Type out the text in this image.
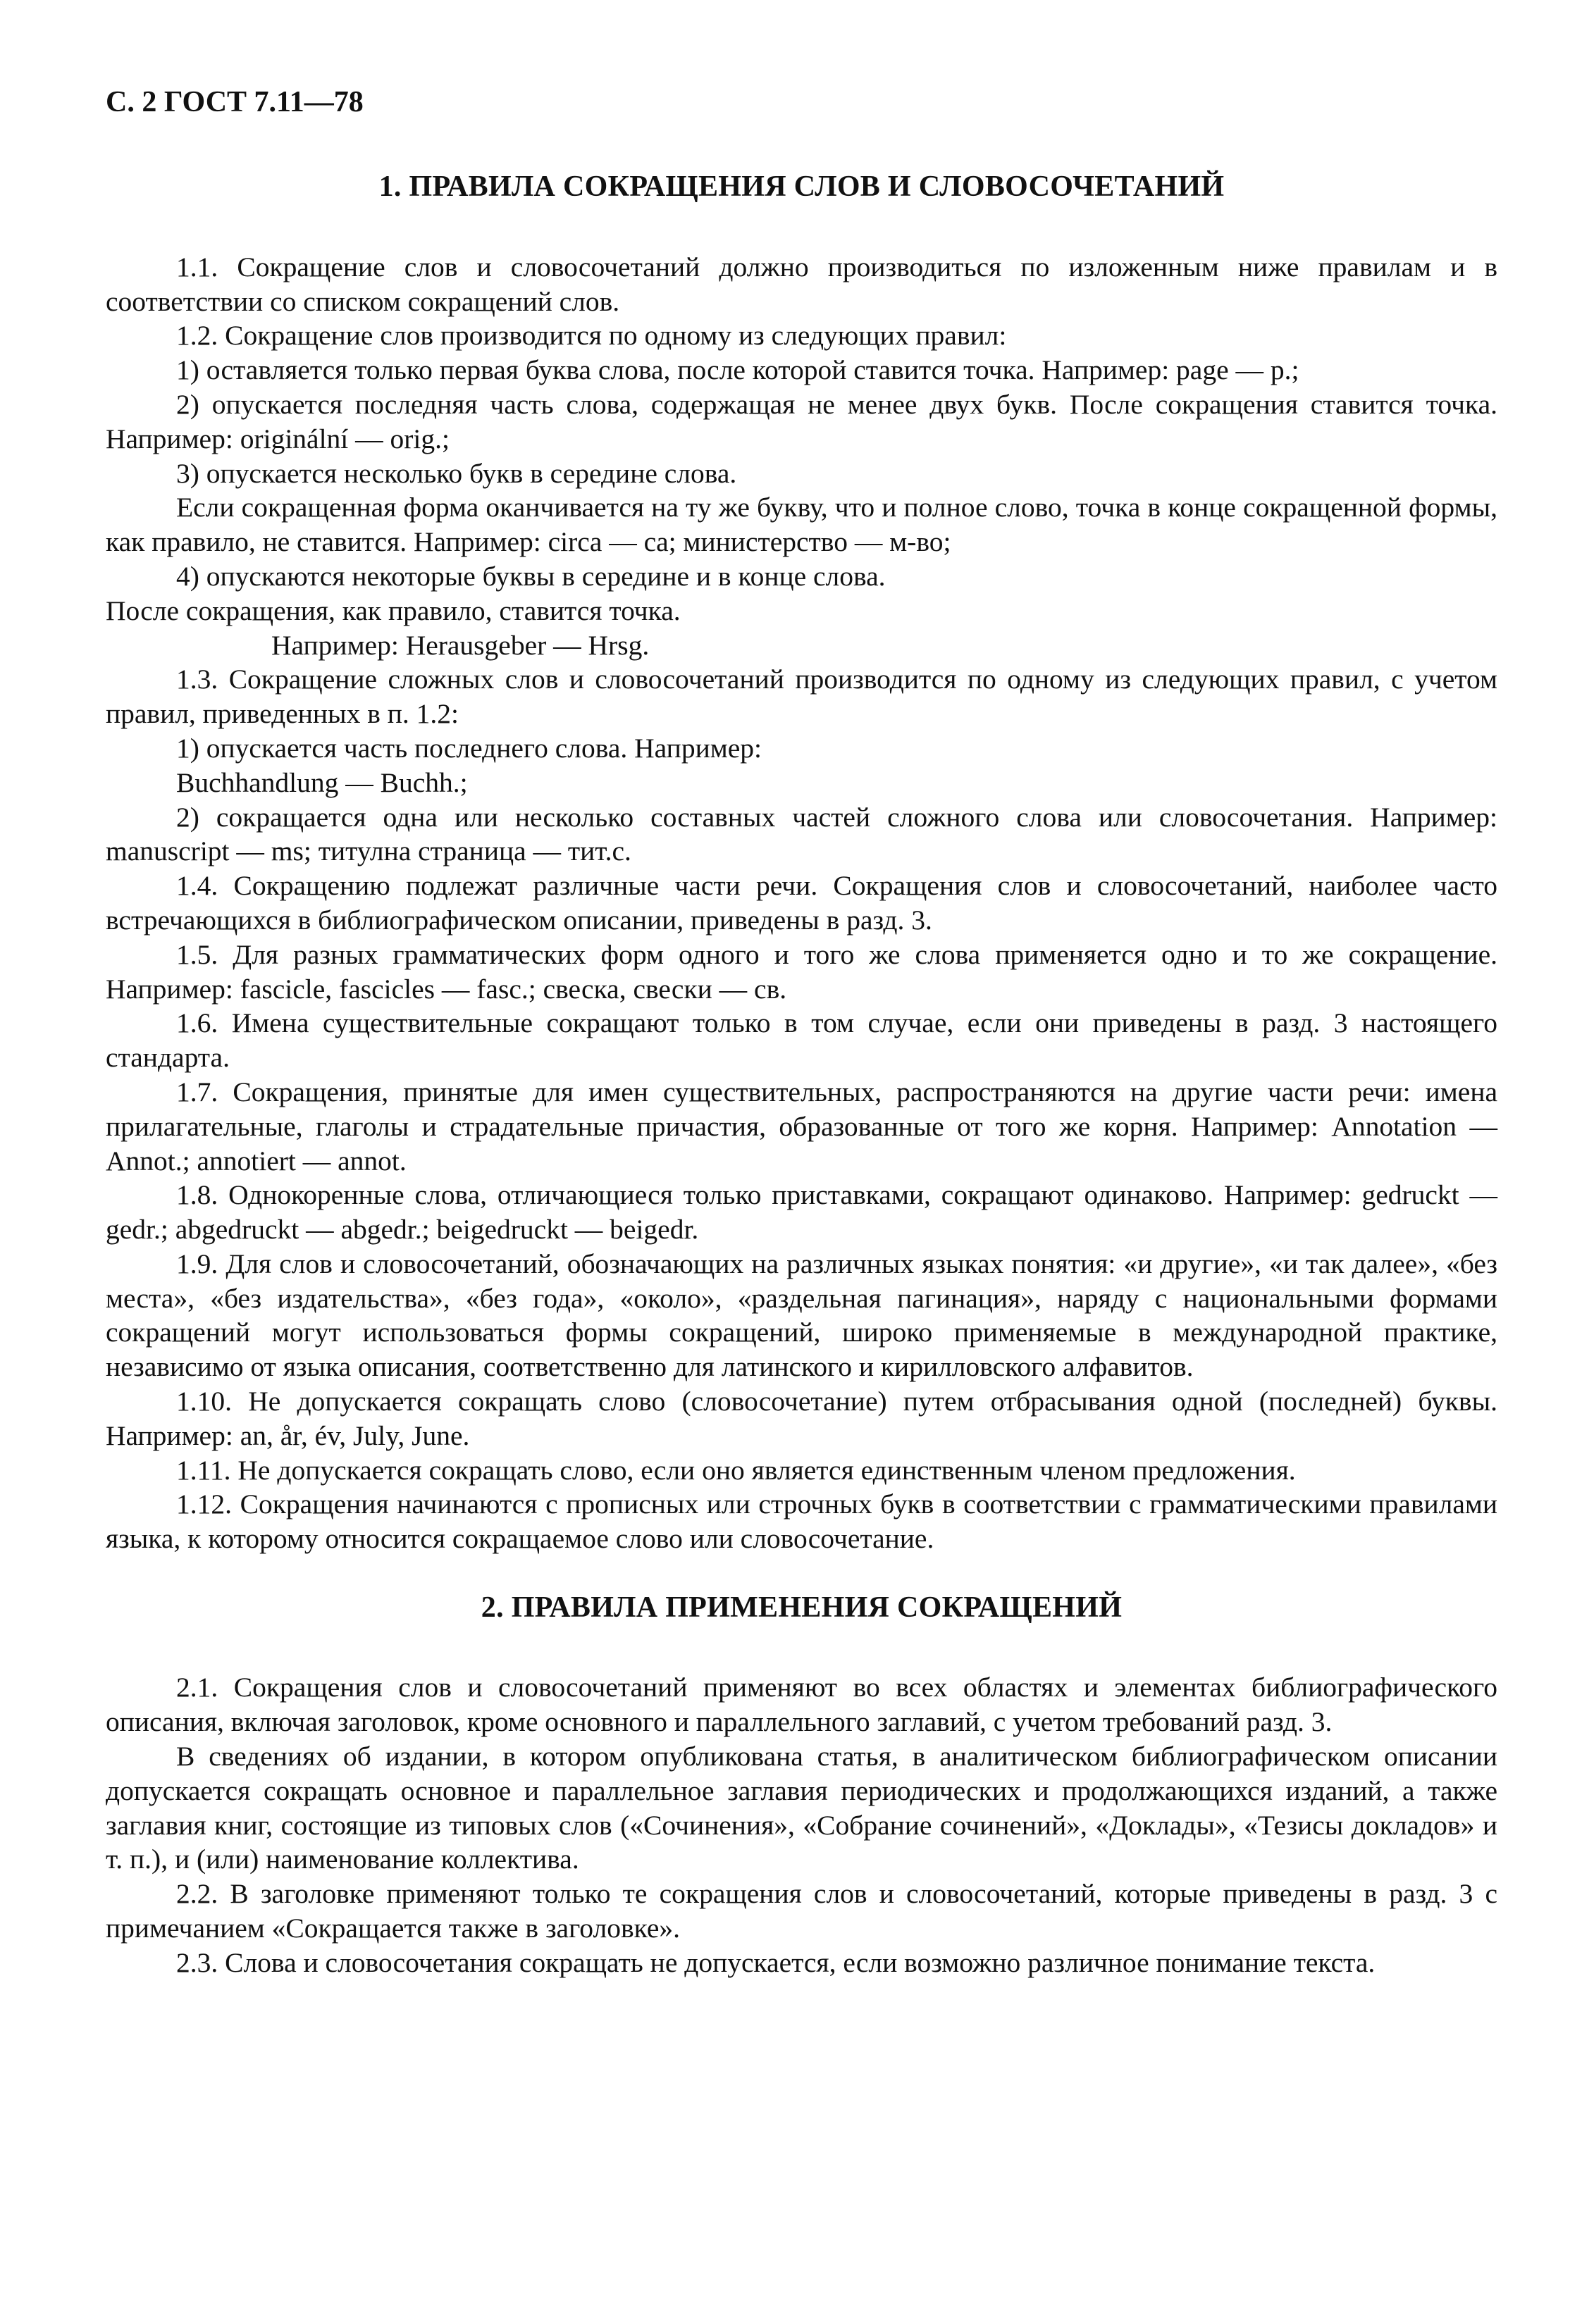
С. 2 ГОСТ 7.11—78
1. ПРАВИЛА СОКРАЩЕНИЯ СЛОВ И СЛОВОСОЧЕТАНИЙ

1.1. Сокращение слов и словосочетаний должно производиться по изложенным ниже правилам и в соответствии со списком сокращений слов.

1.2. Сокращение слов производится по одному из следующих правил:

1) оставляется только первая буква слова, после которой ставится точка. Например: page — p.;

2) опускается последняя часть слова, содержащая не менее двух букв. После сокращения ставится точка. Например: originální — orig.;

3) опускается несколько букв в середине слова.

Если сокращенная форма оканчивается на ту же букву, что и полное слово, точка в конце сокращенной формы, как правило, не ставится. Например: circa — ca; министерство — м-во;

4) опускаются некоторые буквы в середине и в конце слова.

После сокращения, как правило, ставится точка.

Например: Herausgeber — Hrsg.

1.3. Сокращение сложных слов и словосочетаний производится по одному из следующих правил, с учетом правил, приведенных в п. 1.2:

1) опускается часть последнего слова. Например:

Buchhandlung — Buchh.;

2) сокращается одна или несколько составных частей сложного слова или словосочетания. Например: manuscript — ms; титулна страница — тит.с.

1.4. Сокращению подлежат различные части речи. Сокращения слов и словосочетаний, наиболее часто встречающихся в библиографическом описании, приведены в разд. 3.

1.5. Для разных грамматических форм одного и того же слова применяется одно и то же сокращение. Например: fascicle, fascicles — fasc.; свеска, свески — св.

1.6. Имена существительные сокращают только в том случае, если они приведены в разд. 3 настоящего стандарта.

1.7. Сокращения, принятые для имен существительных, распространяются на другие части речи: имена прилагательные, глаголы и страдательные причастия, образованные от того же корня. Например: Annotation — Annot.; annotiert — annot.

1.8. Однокоренные слова, отличающиеся только приставками, сокращают одинаково. Например: gedruckt — gedr.; abgedruckt — abgedr.; beigedruckt — beigedr.

1.9. Для слов и словосочетаний, обозначающих на различных языках понятия: «и другие», «и так далее», «без места», «без издательства», «без года», «около», «раздельная пагинация», наряду с национальными формами сокращений могут использоваться формы сокращений, широко применяемые в международной практике, независимо от языка описания, соответственно для латинского и кирилловского алфавитов.

1.10. Не допускается сокращать слово (словосочетание) путем отбрасывания одной (последней) буквы. Например: an, år, év, July, June.

1.11. Не допускается сокращать слово, если оно является единственным членом предложения.

1.12. Сокращения начинаются с прописных или строчных букв в соответствии с грамматическими правилами языка, к которому относится сокращаемое слово или словосочетание.

2. ПРАВИЛА ПРИМЕНЕНИЯ СОКРАЩЕНИЙ

2.1. Сокращения слов и словосочетаний применяют во всех областях и элементах библиографического описания, включая заголовок, кроме основного и параллельного заглавий, с учетом требований разд. 3.

В сведениях об издании, в котором опубликована статья, в аналитическом библиографическом описании допускается сокращать основное и параллельное заглавия периодических и продолжающихся изданий, а также заглавия книг, состоящие из типовых слов («Сочинения», «Собрание сочинений», «Доклады», «Тезисы докладов» и т. п.), и (или) наименование коллектива.

2.2. В заголовке применяют только те сокращения слов и словосочетаний, которые приведены в разд. 3 с примечанием «Сокращается также в заголовке».

2.3. Слова и словосочетания сокращать не допускается, если возможно различное понимание текста.
